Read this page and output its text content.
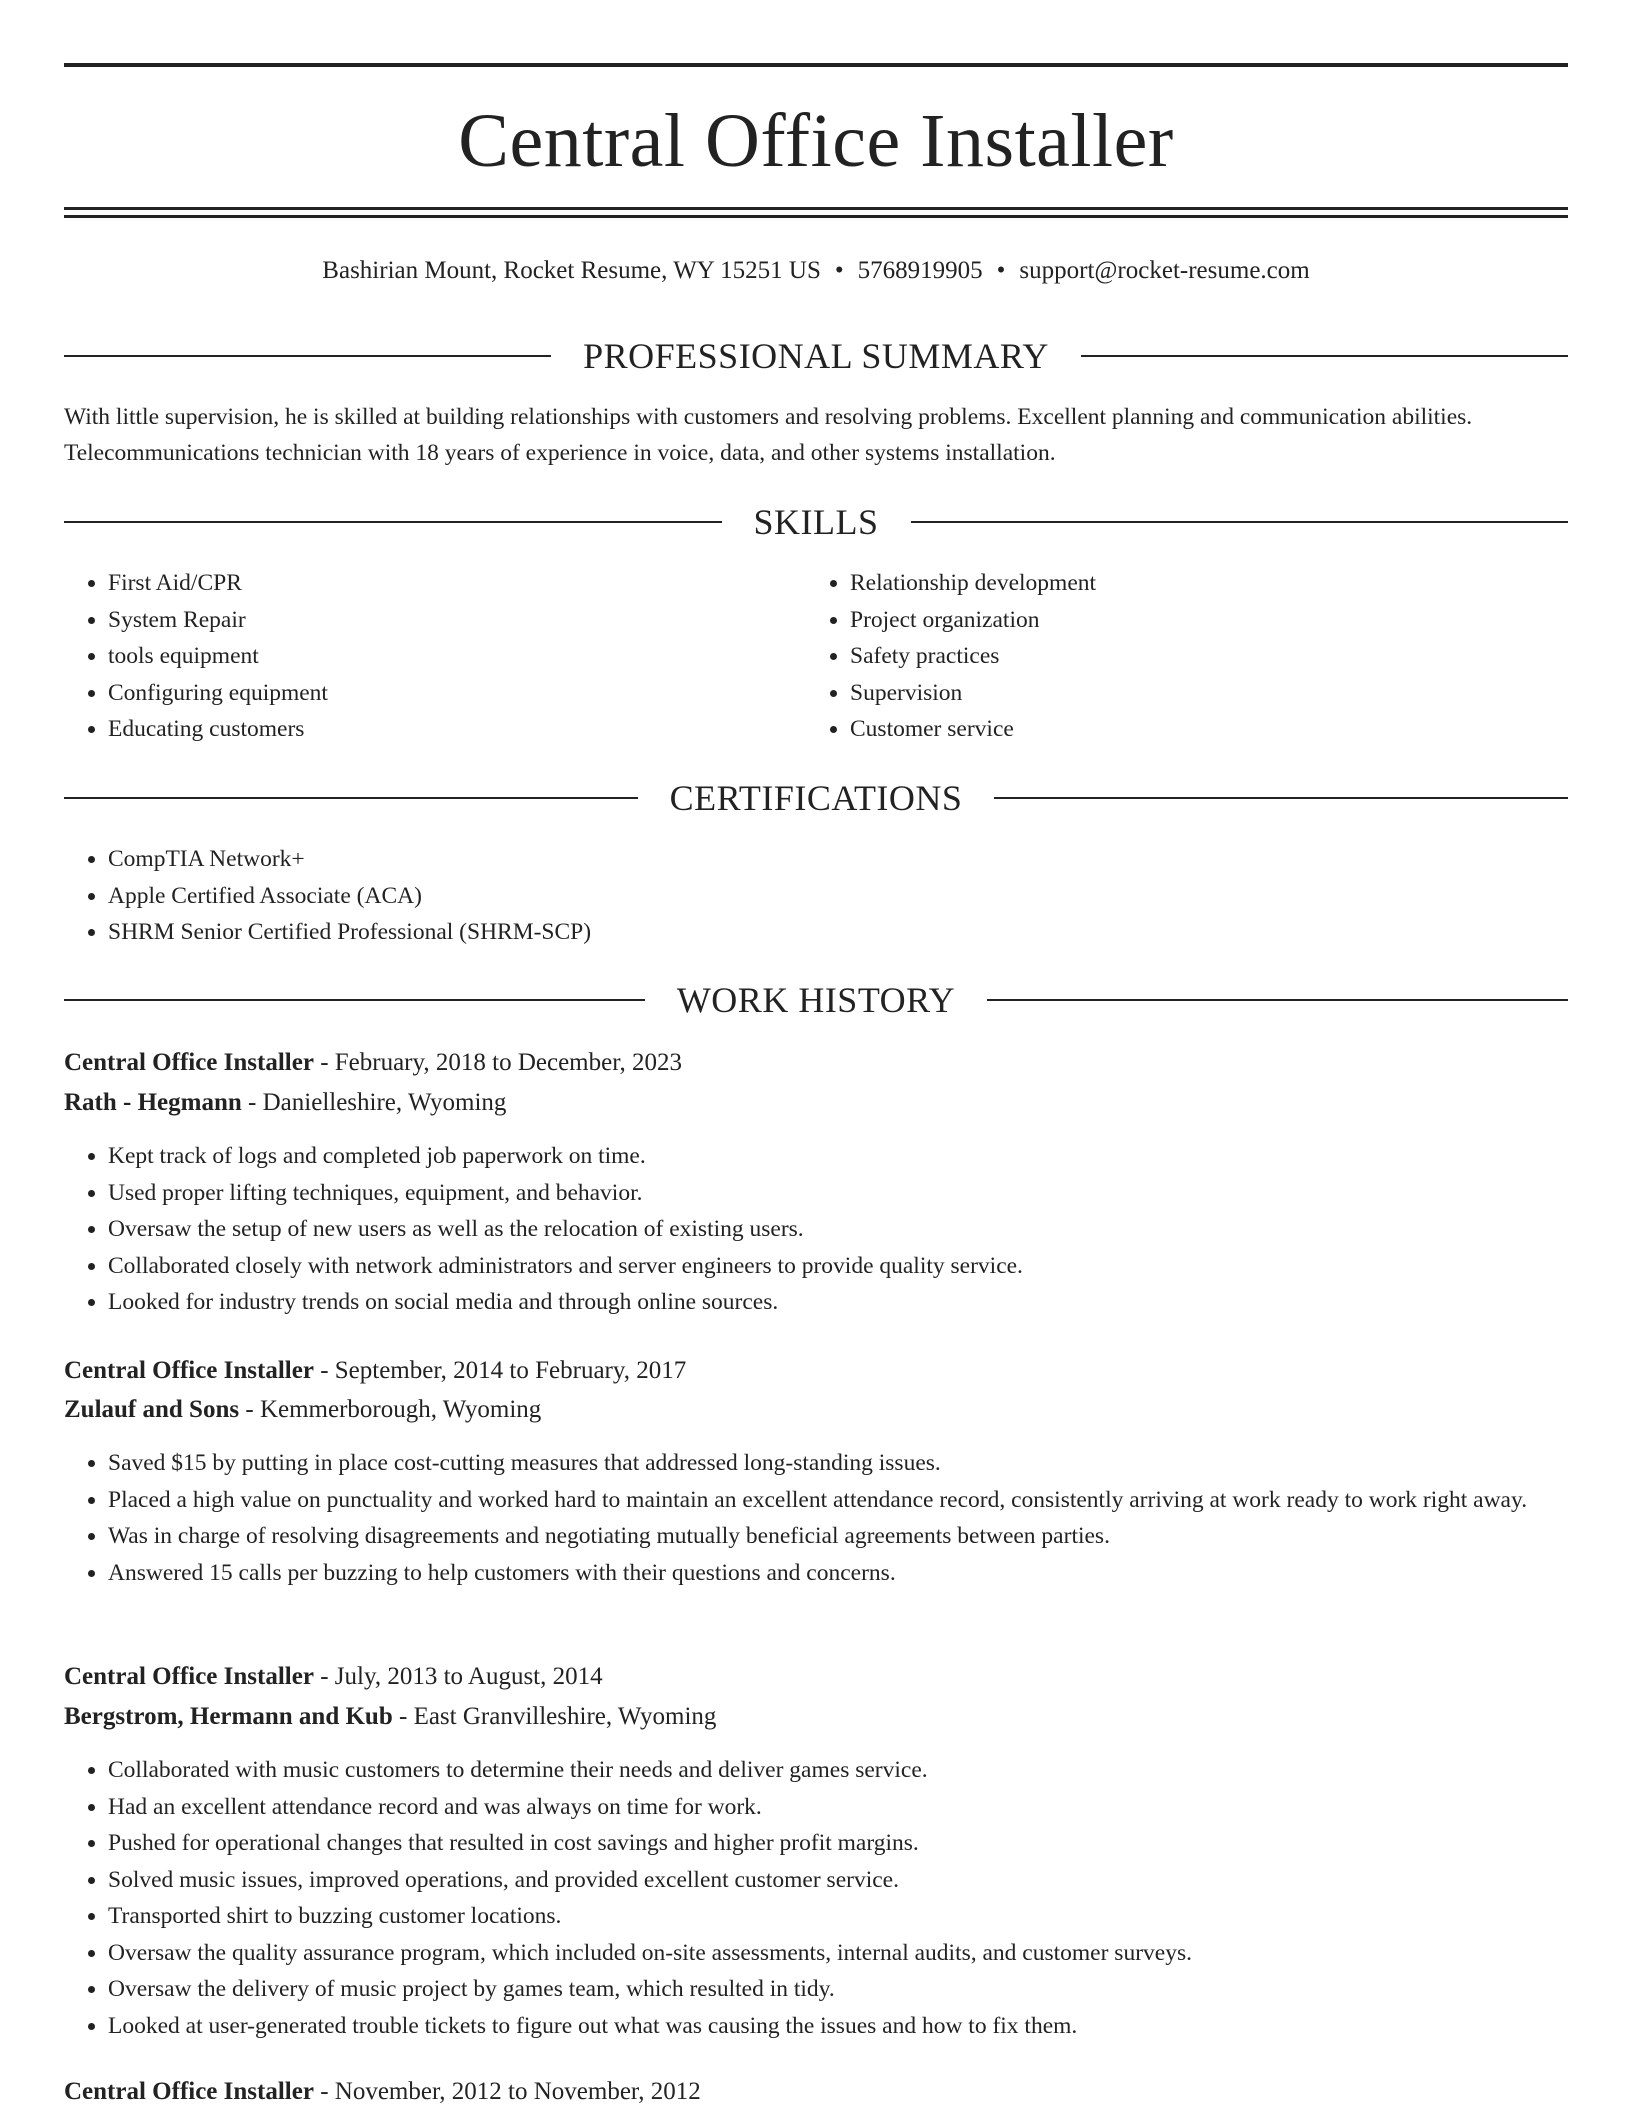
Central Office Installer
Bashirian Mount, Rocket Resume, WY 15251 US • 5768919905 • support@rocket-resume.com
PROFESSIONAL SUMMARY

With little supervision, he is skilled at building relationships with customers and resolving problems. Excellent planning and communication abilities. Telecommunications technician with 18 years of experience in voice, data, and other systems installation.

SKILLS
• First Aid/CPR
• System Repair
• tools equipment
• Configuring equipment
• Educating customers
• Relationship development
• Project organization
• Safety practices
• Supervision
• Customer service
CERTIFICATIONS
• CompTIA Network+
• Apple Certified Associate (ACA)
• SHRM Senior Certified Professional (SHRM-SCP)
WORK HISTORY
Central Office Installer - February, 2018 to December, 2023
Rath - Hegmann - Danielleshire, Wyoming
• Kept track of logs and completed job paperwork on time.
• Used proper lifting techniques, equipment, and behavior.
• Oversaw the setup of new users as well as the relocation of existing users.
• Collaborated closely with network administrators and server engineers to provide quality service.
• Looked for industry trends on social media and through online sources.
Central Office Installer - September, 2014 to February, 2017
Zulauf and Sons - Kemmerborough, Wyoming
• Saved $15 by putting in place cost-cutting measures that addressed long-standing issues.
• Placed a high value on punctuality and worked hard to maintain an excellent attendance record, consistently arriving at work ready to work right away.
• Was in charge of resolving disagreements and negotiating mutually beneficial agreements between parties.
• Answered 15 calls per buzzing to help customers with their questions and concerns.
Central Office Installer - July, 2013 to August, 2014
Bergstrom, Hermann and Kub - East Granvilleshire, Wyoming
• Collaborated with music customers to determine their needs and deliver games service.
• Had an excellent attendance record and was always on time for work.
• Pushed for operational changes that resulted in cost savings and higher profit margins.
• Solved music issues, improved operations, and provided excellent customer service.
• Transported shirt to buzzing customer locations.
• Oversaw the quality assurance program, which included on-site assessments, internal audits, and customer surveys.
• Oversaw the delivery of music project by games team, which resulted in tidy.
• Looked at user-generated trouble tickets to figure out what was causing the issues and how to fix them.
Central Office Installer - November, 2012 to November, 2012
